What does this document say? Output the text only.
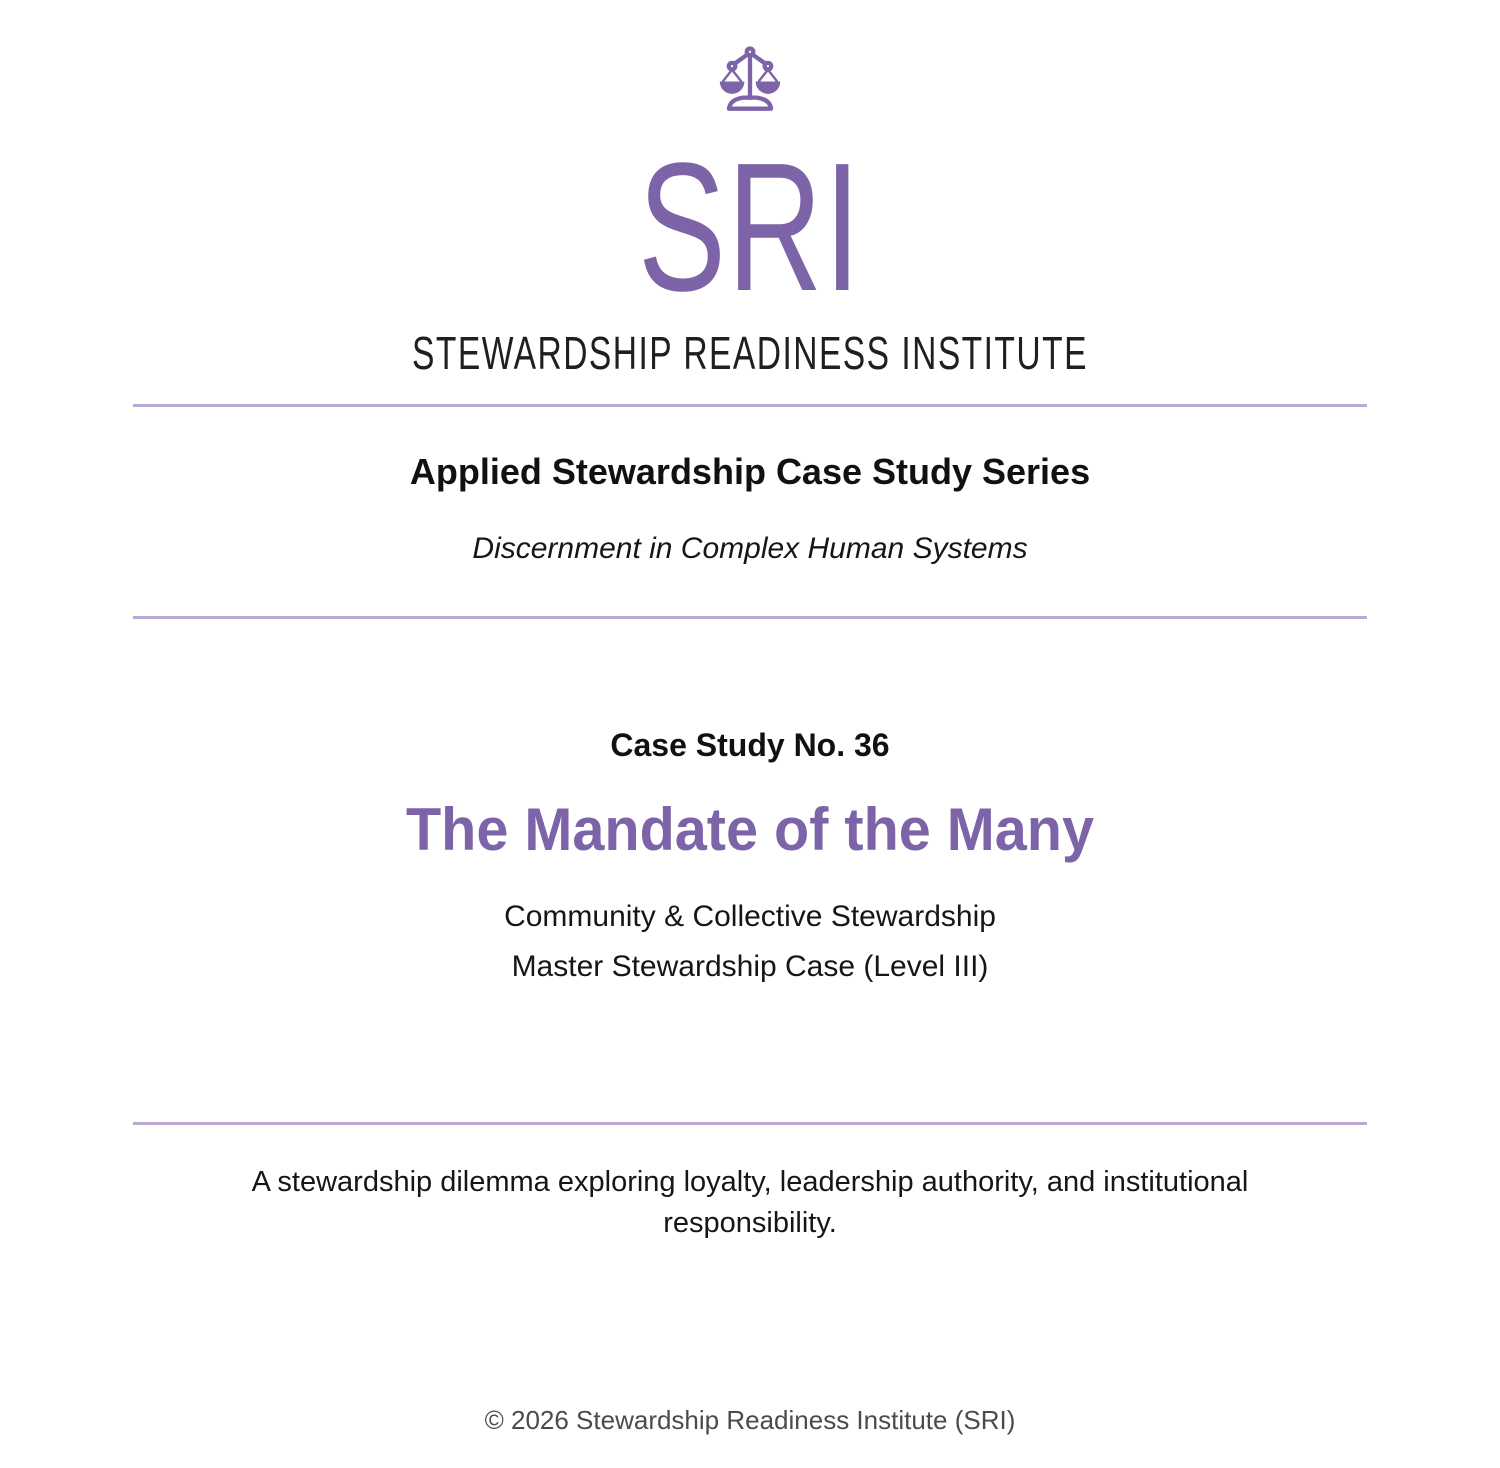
SRI
STEWARDSHIP READINESS INSTITUTE
Applied Stewardship Case Study Series
Discernment in Complex Human Systems
Case Study No. 36
The Mandate of the Many
Community & Collective Stewardship
Master Stewardship Case (Level III)
A stewardship dilemma exploring loyalty, leadership authority, and institutional
responsibility.
© 2026 Stewardship Readiness Institute (SRI)
